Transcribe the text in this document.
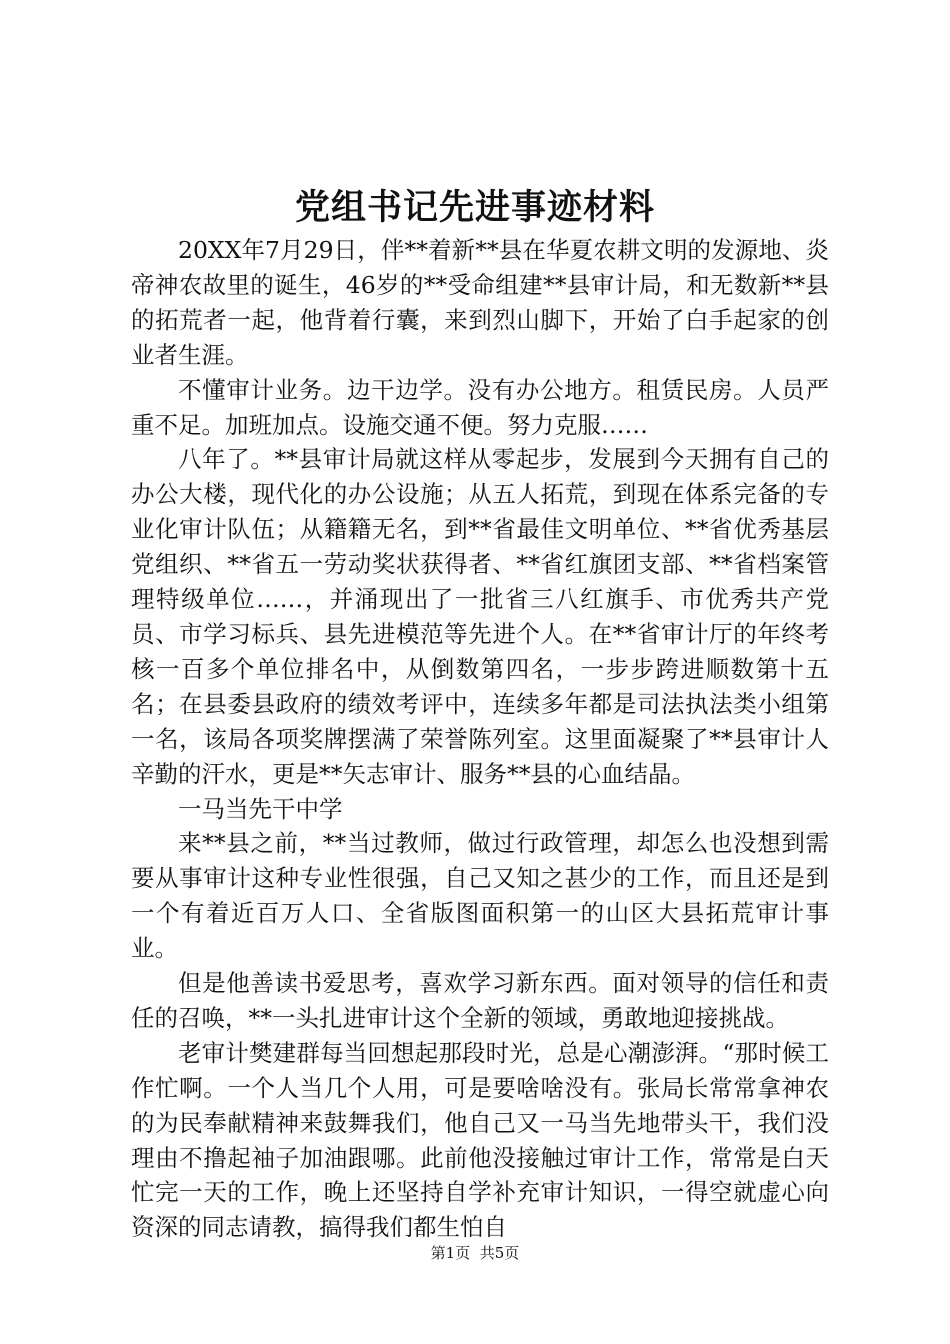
党组书记先进事迹材料

20XX年7月29日，伴**着新**县在华夏农耕文明的发源地、炎帝神农故里的诞生，46岁的**受命组建**县审计局，和无数新**县的拓荒者一起，他背着行囊，来到烈山脚下，开始了白手起家的创业者生涯。

不懂审计业务。边干边学。没有办公地方。租赁民房。人员严重不足。加班加点。设施交通不便。努力克服……

八年了。**县审计局就这样从零起步，发展到今天拥有自己的办公大楼，现代化的办公设施；从五人拓荒，到现在体系完备的专业化审计队伍；从籍籍无名，到**省最佳文明单位、**省优秀基层党组织、**省五一劳动奖状获得者、**省红旗团支部、**省档案管理特级单位……，并涌现出了一批省三八红旗手、市优秀共产党员、市学习标兵、县先进模范等先进个人。在**省审计厅的年终考核一百多个单位排名中，从倒数第四名，一步步跨进顺数第十五名；在县委县政府的绩效考评中，连续多年都是司法执法类小组第一名，该局各项奖牌摆满了荣誉陈列室。这里面凝聚了**县审计人辛勤的汗水，更是**矢志审计、服务**县的心血结晶。

一马当先干中学

来**县之前，**当过教师，做过行政管理，却怎么也没想到需要从事审计这种专业性很强，自己又知之甚少的工作，而且还是到一个有着近百万人口、全省版图面积第一的山区大县拓荒审计事业。

但是他善读书爱思考，喜欢学习新东西。面对领导的信任和责任的召唤，**一头扎进审计这个全新的领域，勇敢地迎接挑战。

老审计樊建群每当回想起那段时光，总是心潮澎湃。“那时候工作忙啊。一个人当几个人用，可是要啥啥没有。张局长常常拿神农的为民奉献精神来鼓舞我们，他自己又一马当先地带头干，我们没理由不撸起袖子加油跟哪。此前他没接触过审计工作，常常是白天忙完一天的工作，晚上还坚持自学补充审计知识，一得空就虚心向资深的同志请教，搞得我们都生怕自

第1页 共5页
